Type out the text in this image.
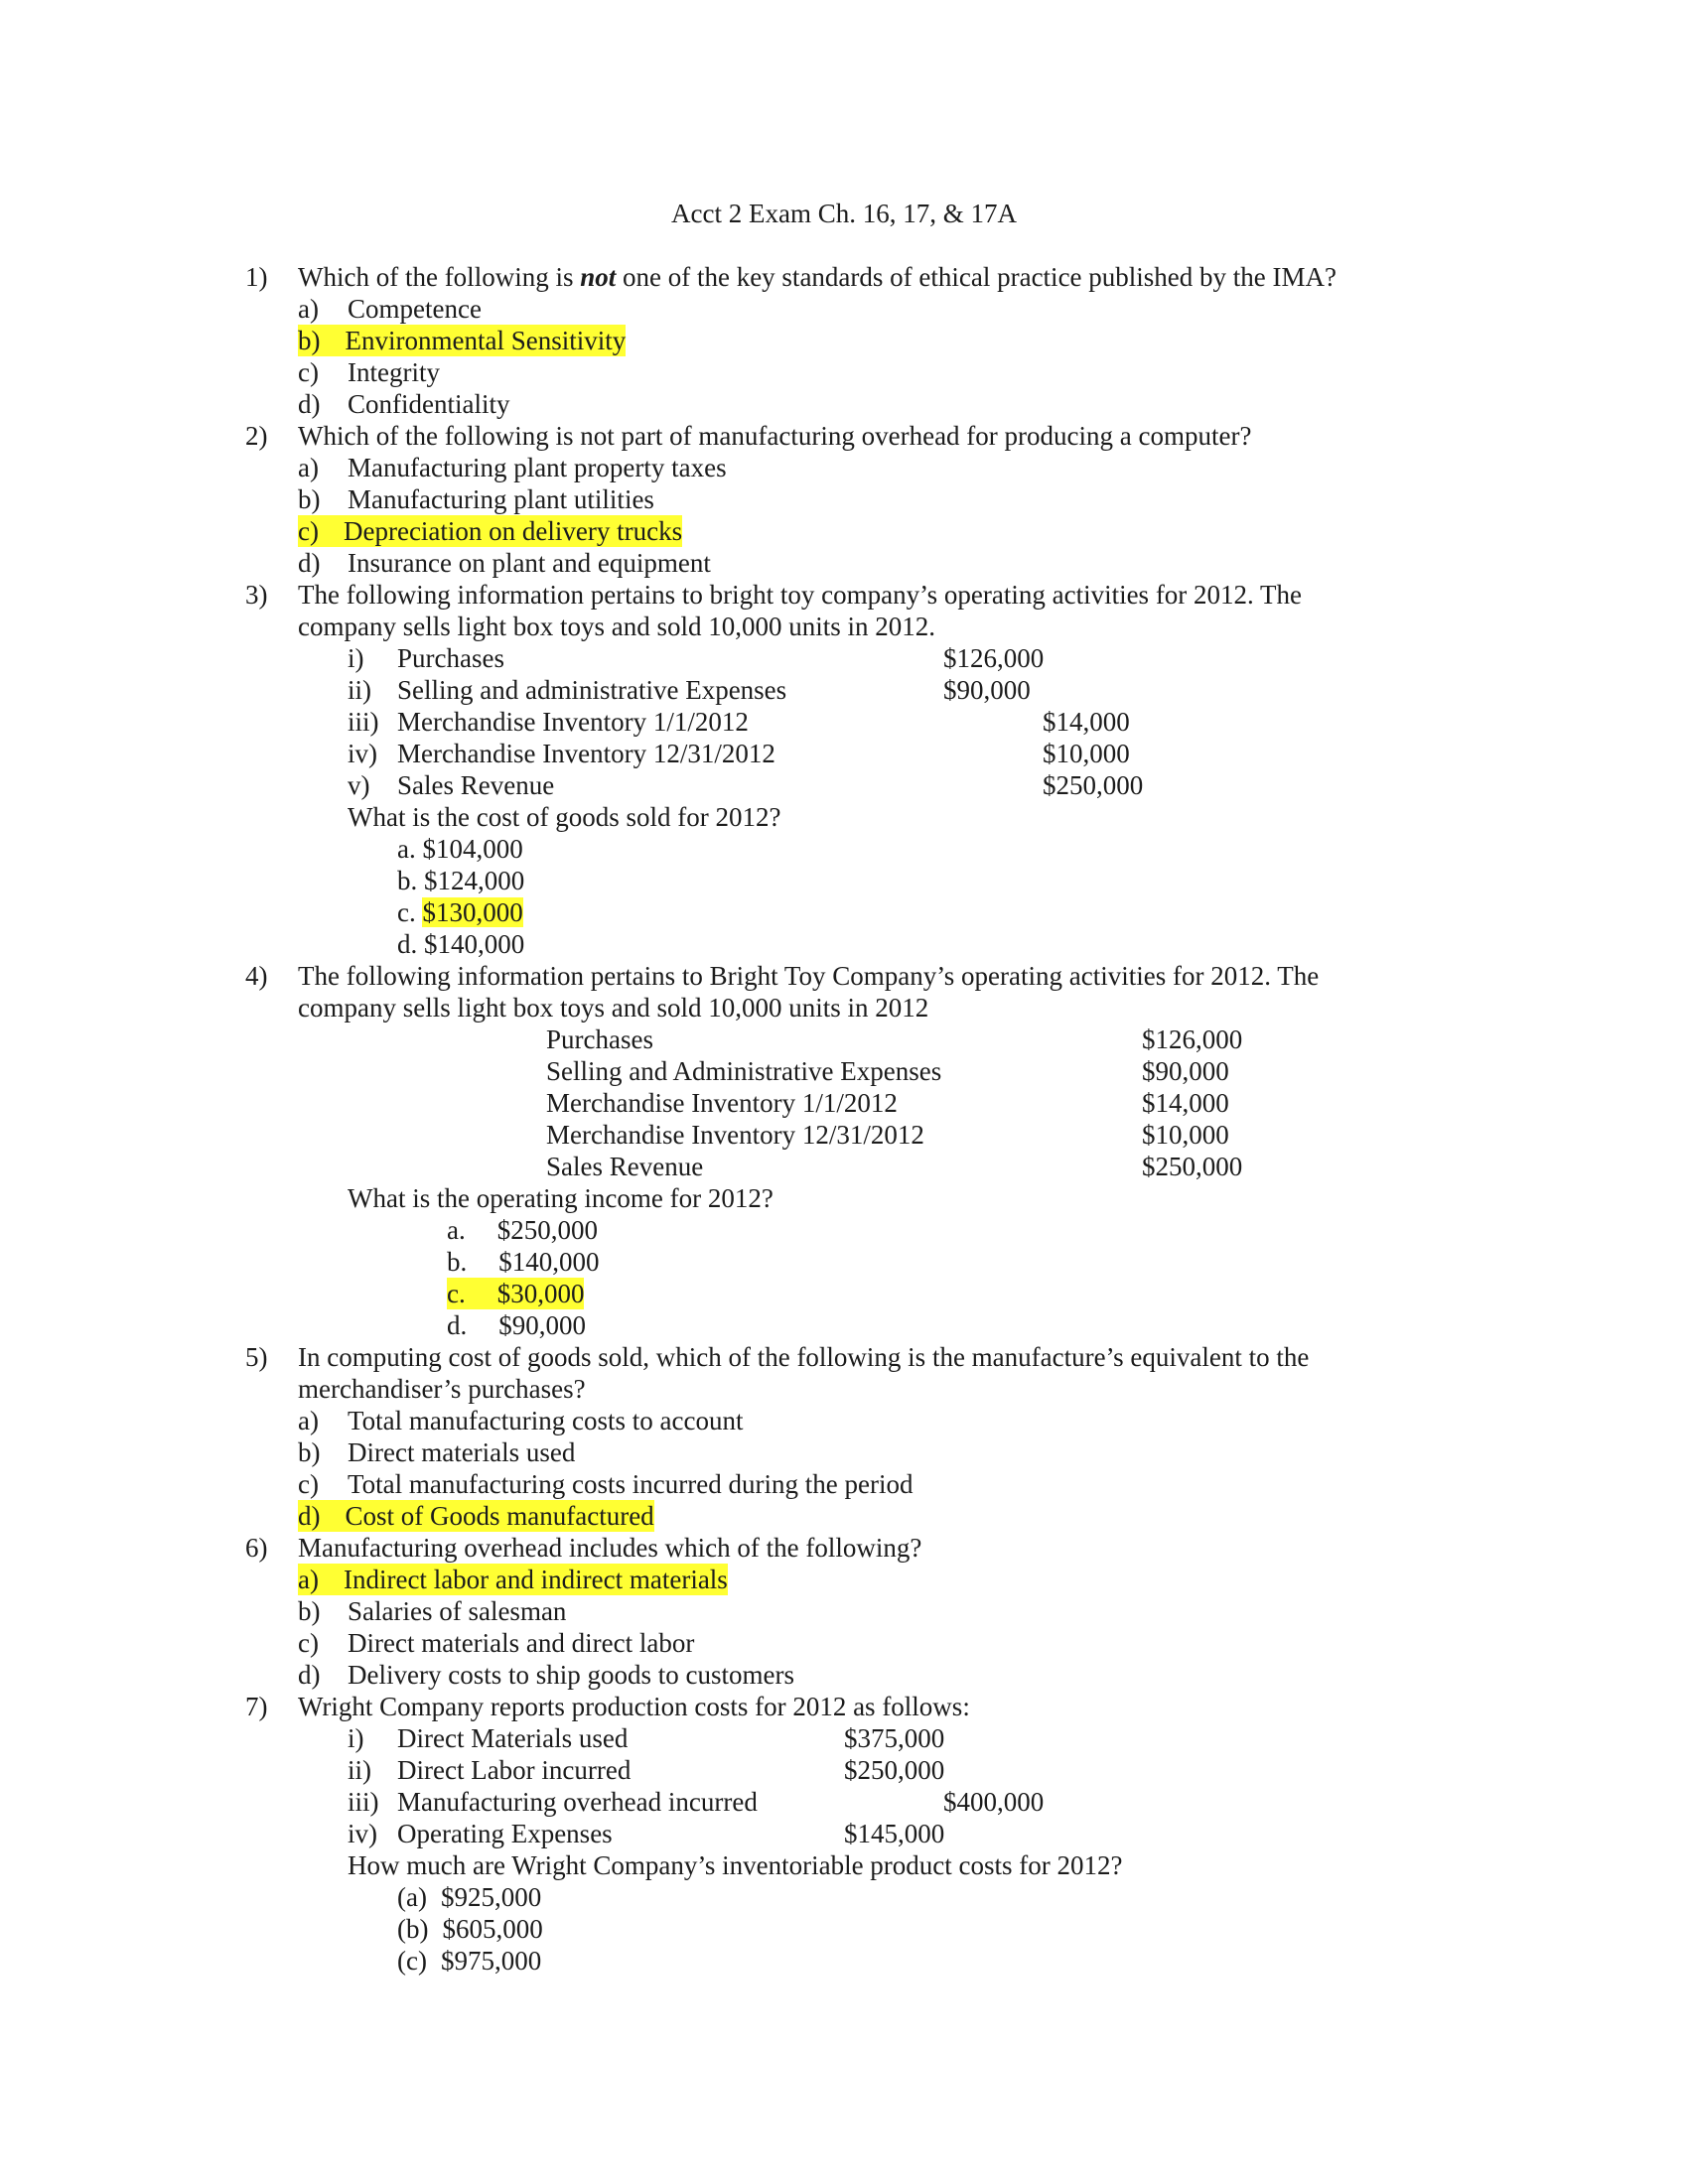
Acct 2 Exam Ch. 16, 17, & 17A
1) Which of the following is not one of the key standards of ethical practice published by the IMA?
a) Competence
b) Environmental Sensitivity
c) Integrity
d) Confidentiality
2) Which of the following is not part of manufacturing overhead for producing a computer?
a) Manufacturing plant property taxes
b) Manufacturing plant utilities
c) Depreciation on delivery trucks
d) Insurance on plant and equipment
3) The following information pertains to bright toy company’s operating activities for 2012. The
company sells light box toys and sold 10,000 units in 2012.
i) Purchases	$126,000
ii) Selling and administrative Expenses	$90,000
iii) Merchandise Inventory 1/1/2012	$14,000
iv) Merchandise Inventory 12/31/2012	$10,000
v) Sales Revenue	$250,000
What is the cost of goods sold for 2012?
a. $104,000
b. $124,000
c. $130,000
d. $140,000
4) The following information pertains to Bright Toy Company’s operating activities for 2012. The
company sells light box toys and sold 10,000 units in 2012
Purchases	$126,000
Selling and Administrative Expenses	$90,000
Merchandise Inventory 1/1/2012	$14,000
Merchandise Inventory 12/31/2012	$10,000
Sales Revenue	$250,000
What is the operating income for 2012?
a. $250,000
b. $140,000
c. $30,000
d. $90,000
5) In computing cost of goods sold, which of the following is the manufacture’s equivalent to the
merchandiser’s purchases?
a) Total manufacturing costs to account
b) Direct materials used
c) Total manufacturing costs incurred during the period
d) Cost of Goods manufactured
6) Manufacturing overhead includes which of the following?
a) Indirect labor and indirect materials
b) Salaries of salesman
c) Direct materials and direct labor
d) Delivery costs to ship goods to customers
7) Wright Company reports production costs for 2012 as follows:
i) Direct Materials used	$375,000
ii) Direct Labor incurred	$250,000
iii) Manufacturing overhead incurred	$400,000
iv) Operating Expenses	$145,000
How much are Wright Company’s inventoriable product costs for 2012?
(a) $925,000
(b) $605,000
(c) $975,000
